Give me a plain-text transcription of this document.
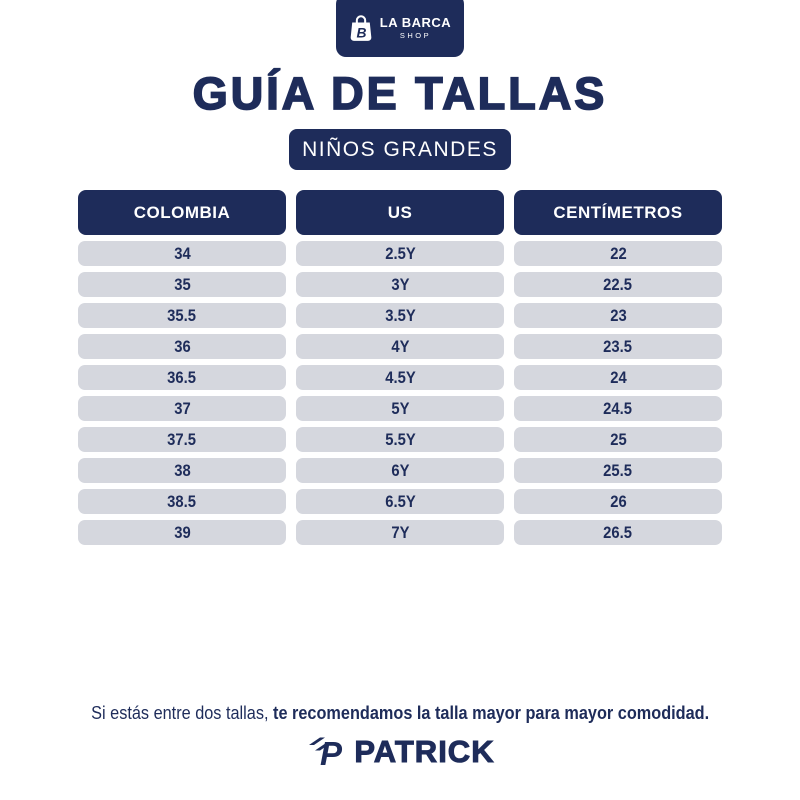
B
LA BARCA
SHOP
GUÍA DE TALLAS
NIÑOS GRANDES
COLOMBIA	US	CENTÍMETROS
34	2.5Y	22
35	3Y	22.5
35.5	3.5Y	23
36	4Y	23.5
36.5	4.5Y	24
37	5Y	24.5
37.5	5.5Y	25
38	6Y	25.5
38.5	6.5Y	26
39	7Y	26.5
Si estás entre dos tallas, te recomendamos la talla mayor para mayor comodidad.
P PATRICK
